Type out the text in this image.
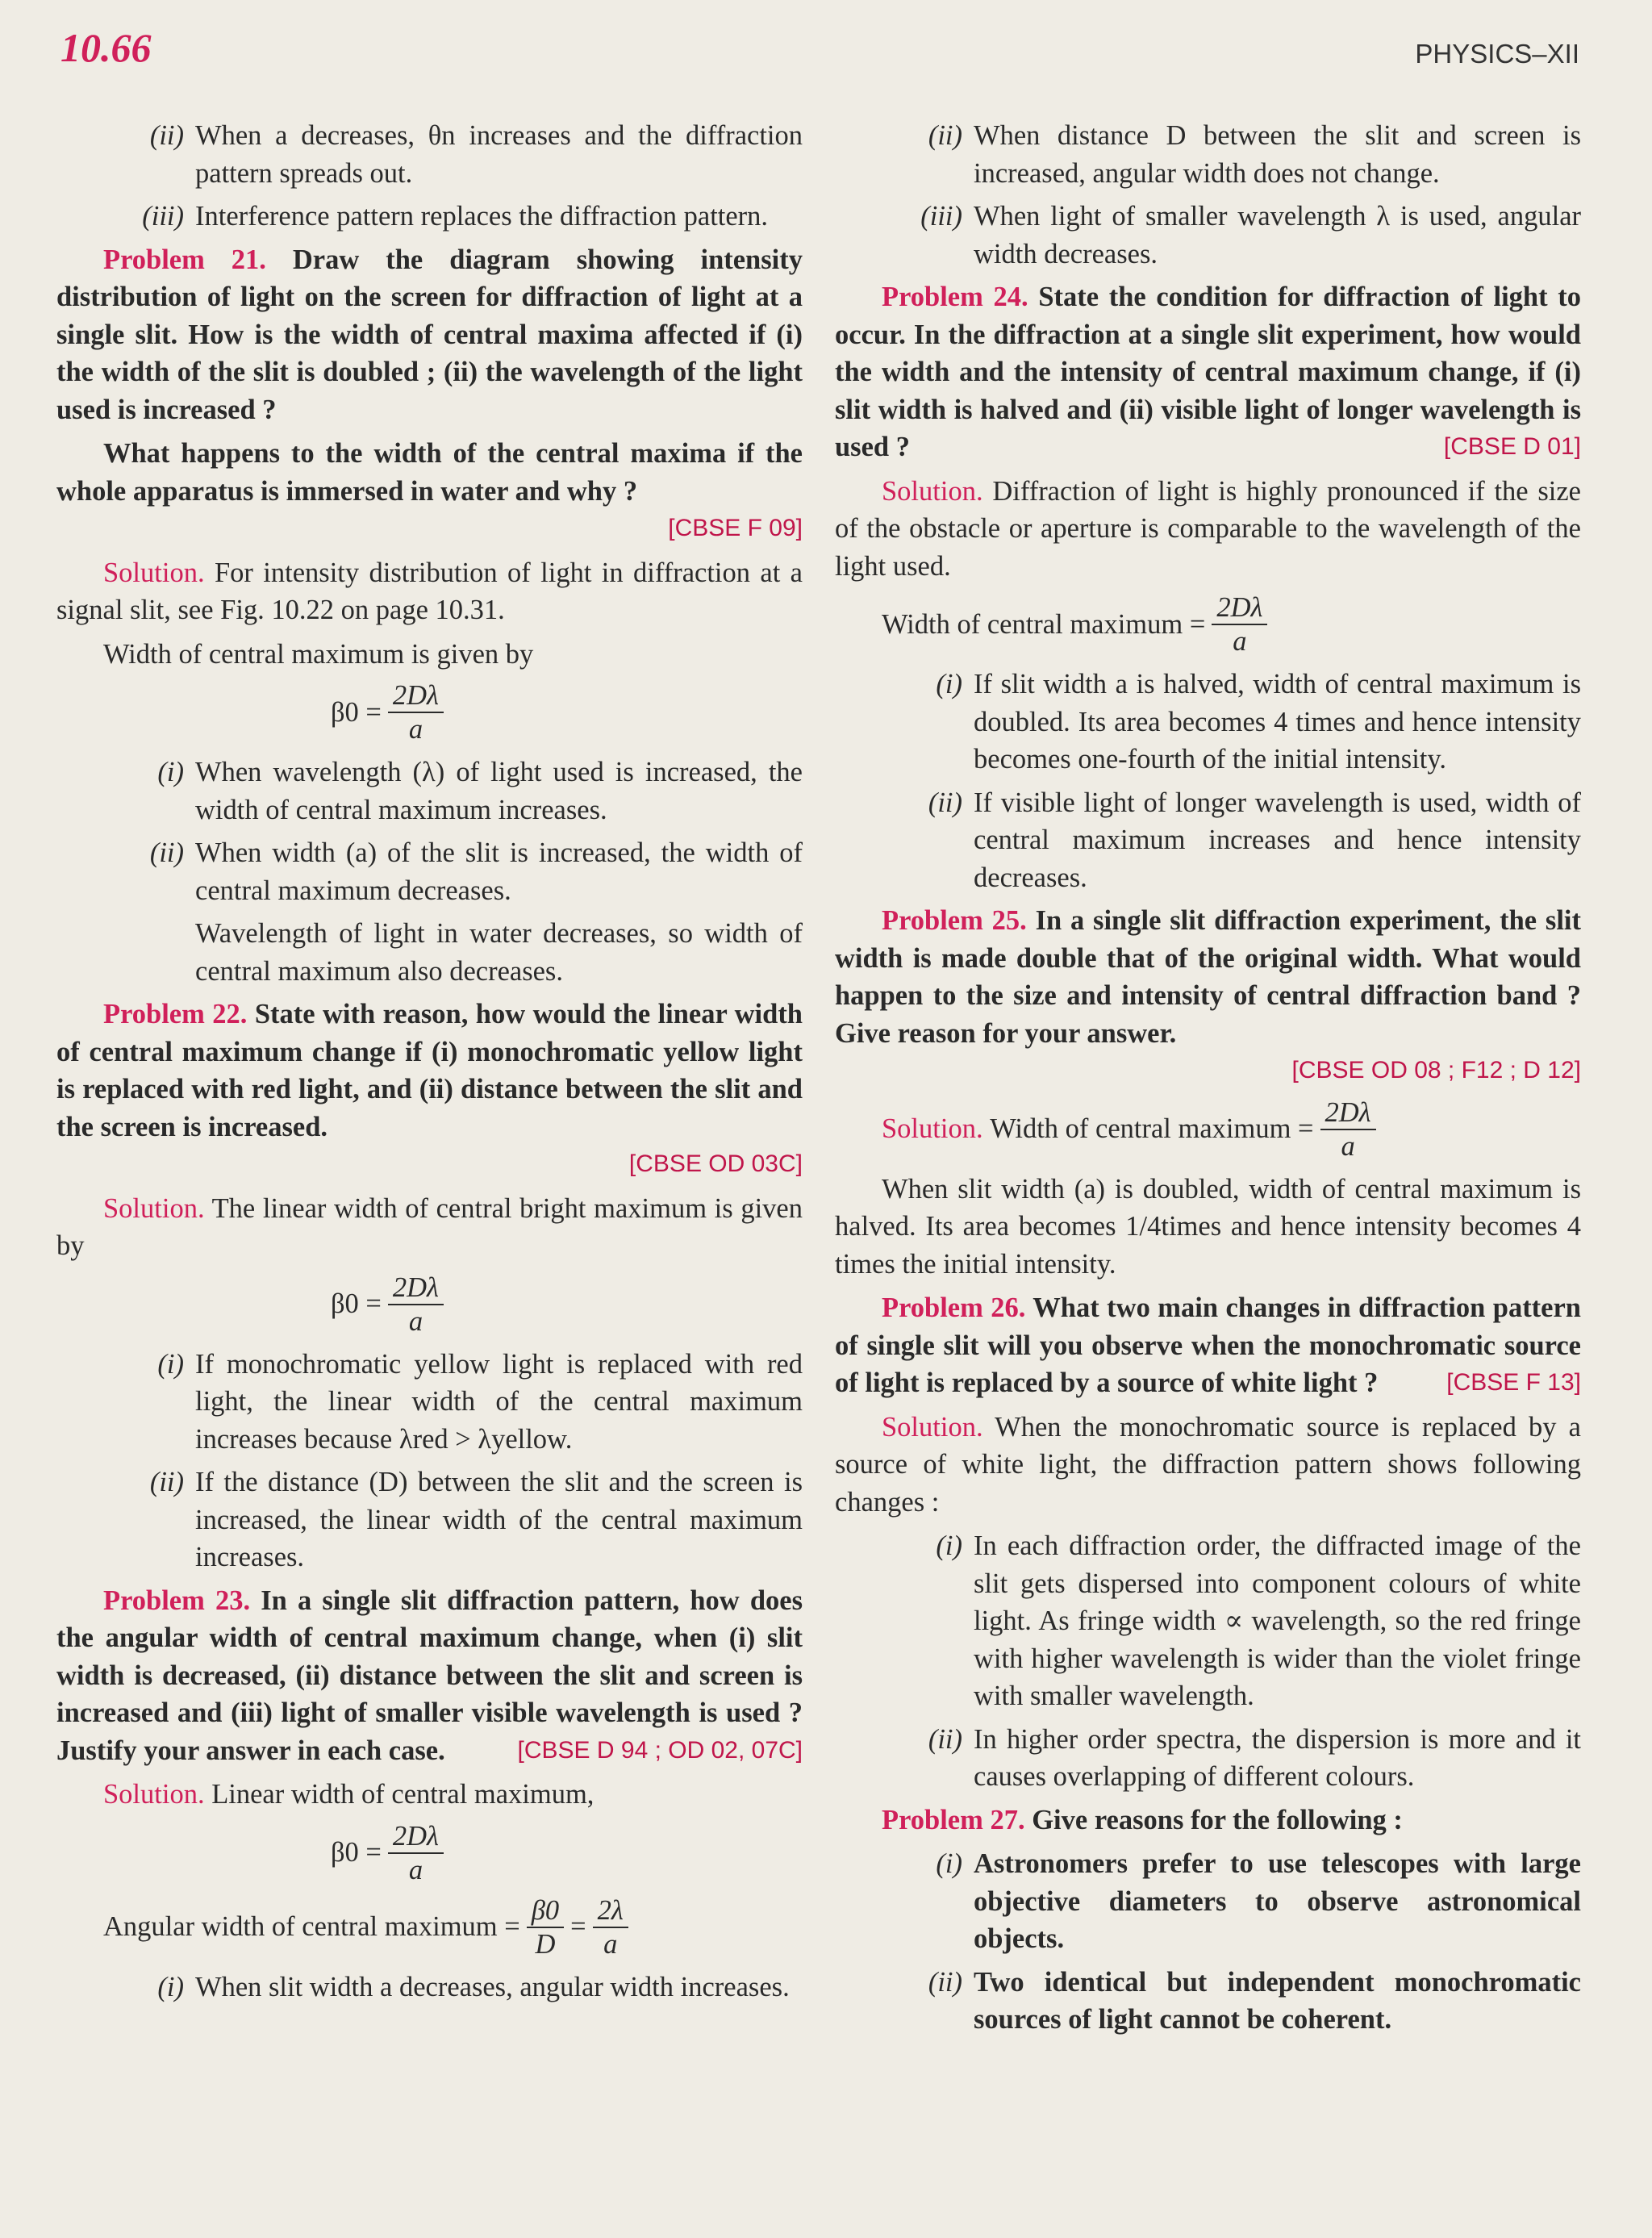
10.66	PHYSICS–XII
(ii) When a decreases, θn increases and the diffraction pattern spreads out.
(iii) Interference pattern replaces the diffraction pattern.

Problem 21. Draw the diagram showing intensity distribution of light on the screen for diffraction of light at a single slit. How is the width of central maxima affected if (i) the width of the slit is doubled ; (ii) the wavelength of the light used is increased ?

What happens to the width of the central maxima if the whole apparatus is immersed in water and why ?
[CBSE F 09]

Solution. For intensity distribution of light in diffraction at a signal slit, see Fig. 10.22 on page 10.31.

Width of central maximum is given by

$\beta 0 = \frac{2D\lambda}{a}$
(i) When wavelength (λ) of light used is increased, the width of central maximum increases.
(ii) When width (a) of the slit is increased, the width of central maximum decreases.
Wavelength of light in water decreases, so width of central maximum also decreases.

Problem 22. State with reason, how would the linear width of central maximum change if (i) monochromatic yellow light is replaced with red light, and (ii) distance between the slit and the screen is increased.
[CBSE OD 03C]

Solution. The linear width of central bright maximum is given by

$\beta 0 = \frac{2D\lambda}{a}$
(i) If monochromatic yellow light is replaced with red light, the linear width of the central maximum increases because λred > λyellow.
(ii) If the distance (D) between the slit and the screen is increased, the linear width of the central maximum increases.

Problem 23. In a single slit diffraction pattern, how does the angular width of central maximum change, when (i) slit width is decreased, (ii) distance between the slit and screen is increased and (iii) light of smaller visible wavelength is used ? Justify your answer in each case.	[CBSE D 94 ; OD 02, 07C]

Solution. Linear width of central maximum,

$\beta 0 = \frac{2D\lambda}{a}$
Angular width of central maximum = $\frac{\beta 0}{D} = \frac{2\lambda}{a}$
(i) When slit width a decreases, angular width increases.
(ii) When distance D between the slit and screen is increased, angular width does not change.
(iii) When light of smaller wavelength λ is used, angular width decreases.

Problem 24. State the condition for diffraction of light to occur. In the diffraction at a single slit experiment, how would the width and the intensity of central maximum change, if (i) slit width is halved and (ii) visible light of longer wavelength is used ?	[CBSE D 01]

Solution. Diffraction of light is highly pronounced if the size of the obstacle or aperture is comparable to the wavelength of the light used.

Width of central maximum = $\frac{2D\lambda}{a}$
(i) If slit width a is halved, width of central maximum is doubled. Its area becomes 4 times and hence intensity becomes one-fourth of the initial intensity.
(ii) If visible light of longer wavelength is used, width of central maximum increases and hence intensity decreases.

Problem 25. In a single slit diffraction experiment, the slit width is made double that of the original width. What would happen to the size and intensity of central diffraction band ? Give reason for your answer.
[CBSE OD 08 ; F12 ; D 12]

Solution.
Width of central maximum = $\frac{2D\lambda}{a}$

When slit width (a) is doubled, width of central maximum is halved. Its area becomes 1/4times and hence intensity becomes 4 times the initial intensity.

Problem 26. What two main changes in diffraction pattern of single slit will you observe when the monochromatic source of light is replaced by a source of white light ?	[CBSE F 13]

Solution. When the monochromatic source is replaced by a source of white light, the diffraction pattern shows following changes :

(i) In each diffraction order, the diffracted image of the slit gets dispersed into component colours of white light. As fringe width ∝ wavelength, so the red fringe with higher wavelength is wider than the violet fringe with smaller wavelength.
(ii) In higher order spectra, the dispersion is more and it causes overlapping of different colours.

Problem 27. Give reasons for the following :

(i) Astronomers prefer to use telescopes with large objective diameters to observe astronomical objects.
(ii) Two identical but independent monochromatic sources of light cannot be coherent.
